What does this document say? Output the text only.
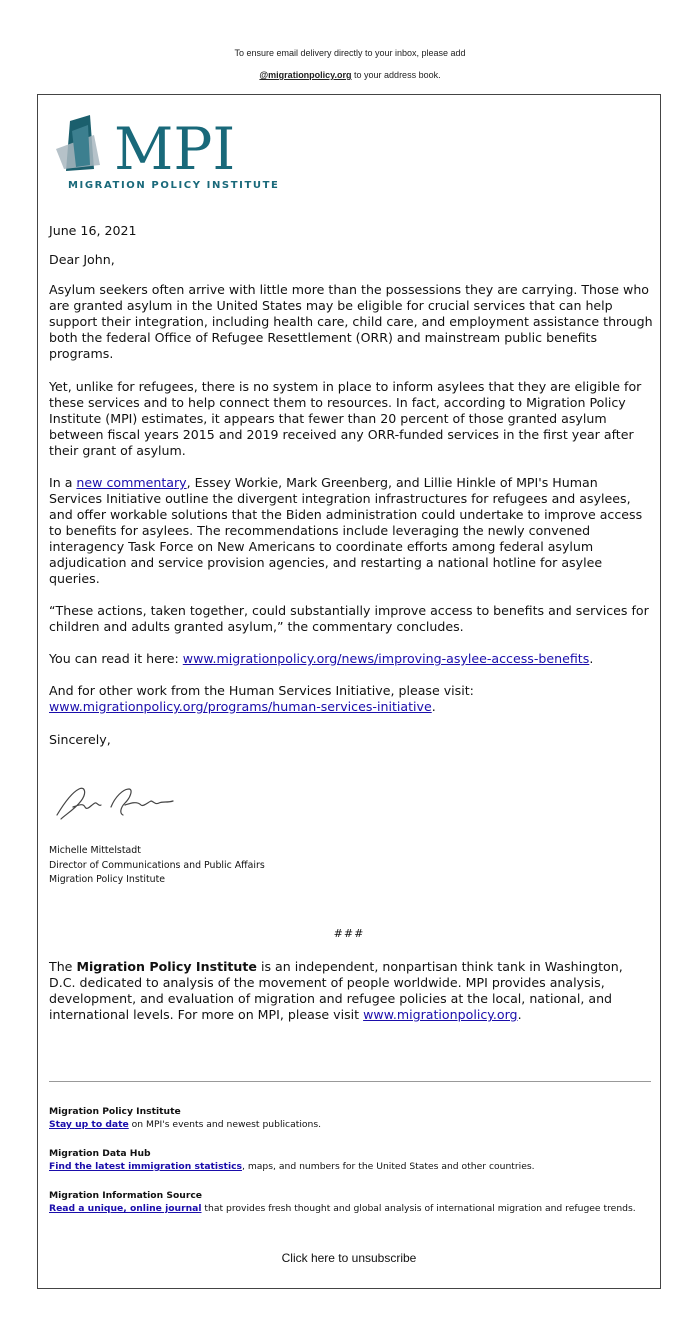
To ensure email delivery directly to your inbox, please add
@migrationpolicy.org to your address book.
MPI
MIGRATION POLICY INSTITUTE
June 16, 2021
Dear John,

Asylum seekers often arrive with little more than the possessions they are carrying. Those who are granted asylum in the United States may be eligible for crucial services that can help support their integration, including health care, child care, and employment assistance through both the federal Office of Refugee Resettlement (ORR) and mainstream public benefits programs.

Yet, unlike for refugees, there is no system in place to inform asylees that they are eligible for these services and to help connect them to resources. In fact, according to Migration Policy Institute (MPI) estimates, it appears that fewer than 20 percent of those granted asylum between fiscal years 2015 and 2019 received any ORR-funded services in the first year after their grant of asylum.

In a new commentary, Essey Workie, Mark Greenberg, and Lillie Hinkle of MPI's Human Services Initiative outline the divergent integration infrastructures for refugees and asylees, and offer workable solutions that the Biden administration could undertake to improve access to benefits for asylees. The recommendations include leveraging the newly convened interagency Task Force on New Americans to coordinate efforts among federal asylum adjudication and service provision agencies, and restarting a national hotline for asylee queries.

“These actions, taken together, could substantially improve access to benefits and services for children and adults granted asylum,” the commentary concludes.

You can read it here: www.migrationpolicy.org/news/improving-asylee-access-benefits.

And for other work from the Human Services Initiative, please visit:

www.migrationpolicy.org/programs/human-services-initiative.

Sincerely,
Michelle Mittelstadt
Director of Communications and Public Affairs
Migration Policy Institute
###

The Migration Policy Institute is an independent, nonpartisan think tank in Washington, D.C. dedicated to analysis of the movement of people worldwide. MPI provides analysis, development, and evaluation of migration and refugee policies at the local, national, and international levels. For more on MPI, please visit www.migrationpolicy.org.

Migration Policy Institute
Stay up to date on MPI's events and newest publications.
Migration Data Hub
Find the latest immigration statistics, maps, and numbers for the United States and other countries.
Migration Information Source
Read a unique, online journal that provides fresh thought and global analysis of international migration and refugee trends.
Click here to unsubscribe
